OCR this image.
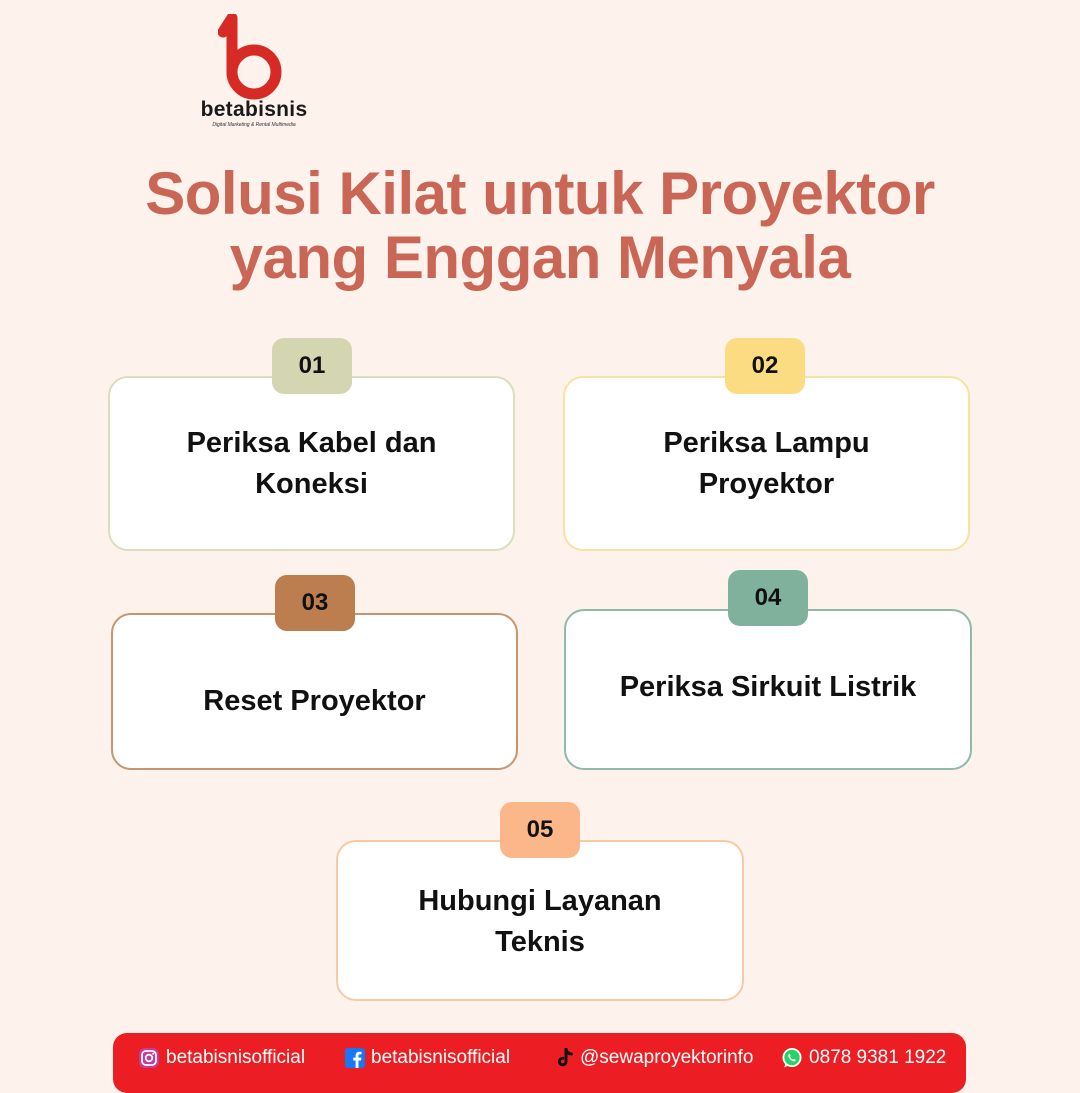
betabisnis
Digital Marketing & Rental Multimedia
Solusi Kilat untuk Proyektor
yang Enggan Menyala
Periksa Kabel dan Koneksi
01
Periksa Lampu Proyektor
02
Reset Proyektor
03
Periksa Sirkuit Listrik
04
Hubungi Layanan Teknis
05
betabisnisofficial	betabisnisofficial	@sewaproyektorinfo	0878 9381 1922
